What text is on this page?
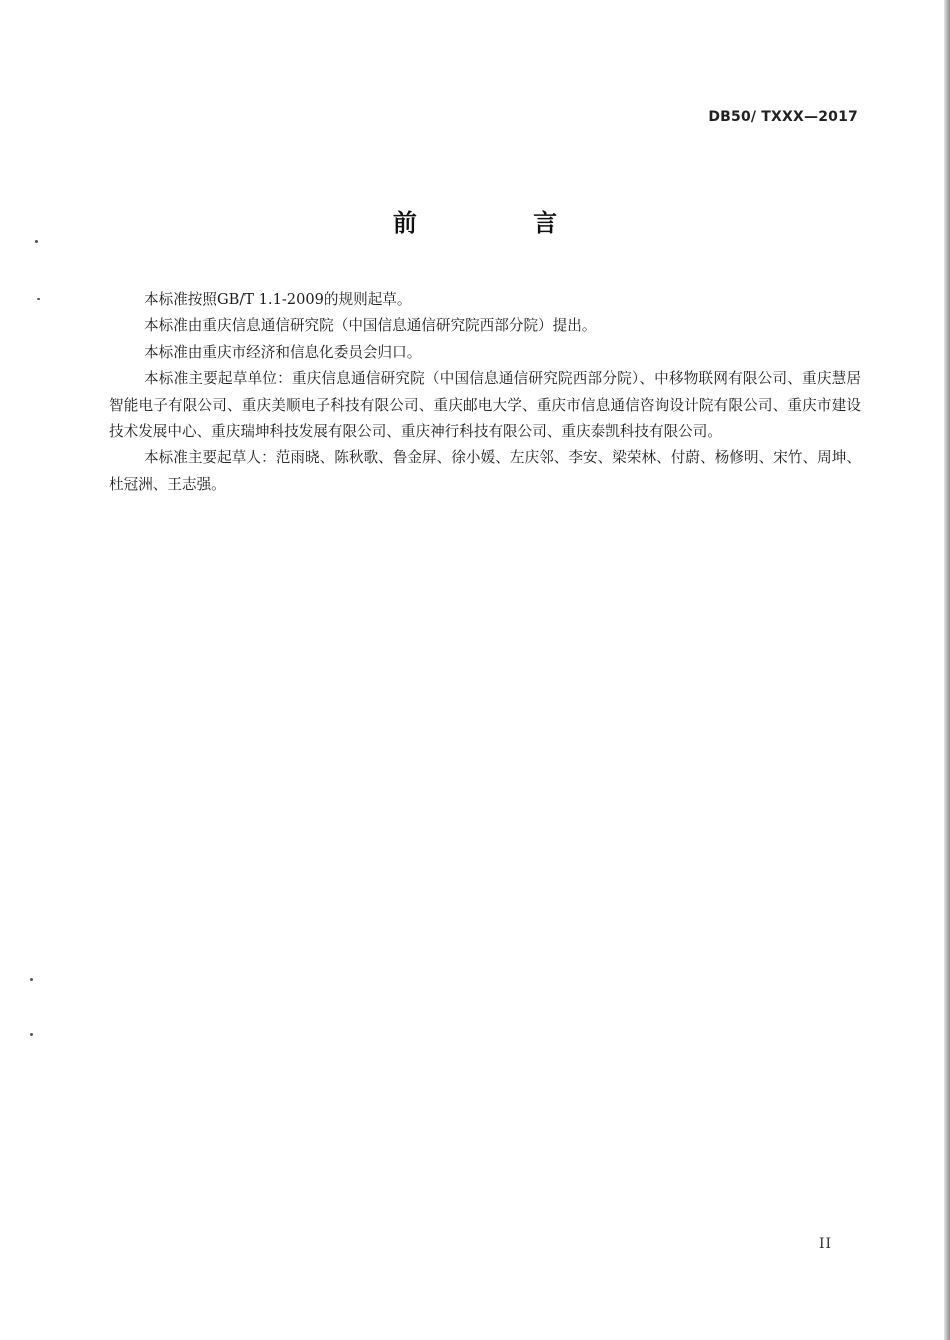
DB50/ TXXX—2017
前 言

本标准按照GB/T 1.1-2009的规则起草。

本标准由重庆信息通信研究院（中国信息通信研究院西部分院）提出。

本标准由重庆市经济和信息化委员会归口。

本标准主要起草单位：重庆信息通信研究院（中国信息通信研究院西部分院）、中移物联网有限公司、重庆慧居智能电子有限公司、重庆美顺电子科技有限公司、重庆邮电大学、重庆市信息通信咨询设计院有限公司、重庆市建设技术发展中心、重庆瑞坤科技发展有限公司、重庆神行科技有限公司、重庆泰凯科技有限公司。

本标准主要起草人：范雨晓、陈秋歌、鲁金屏、徐小媛、左庆邻、李安、梁荣林、付蔚、杨修明、宋竹、周坤、杜冠洲、王志强。

II
